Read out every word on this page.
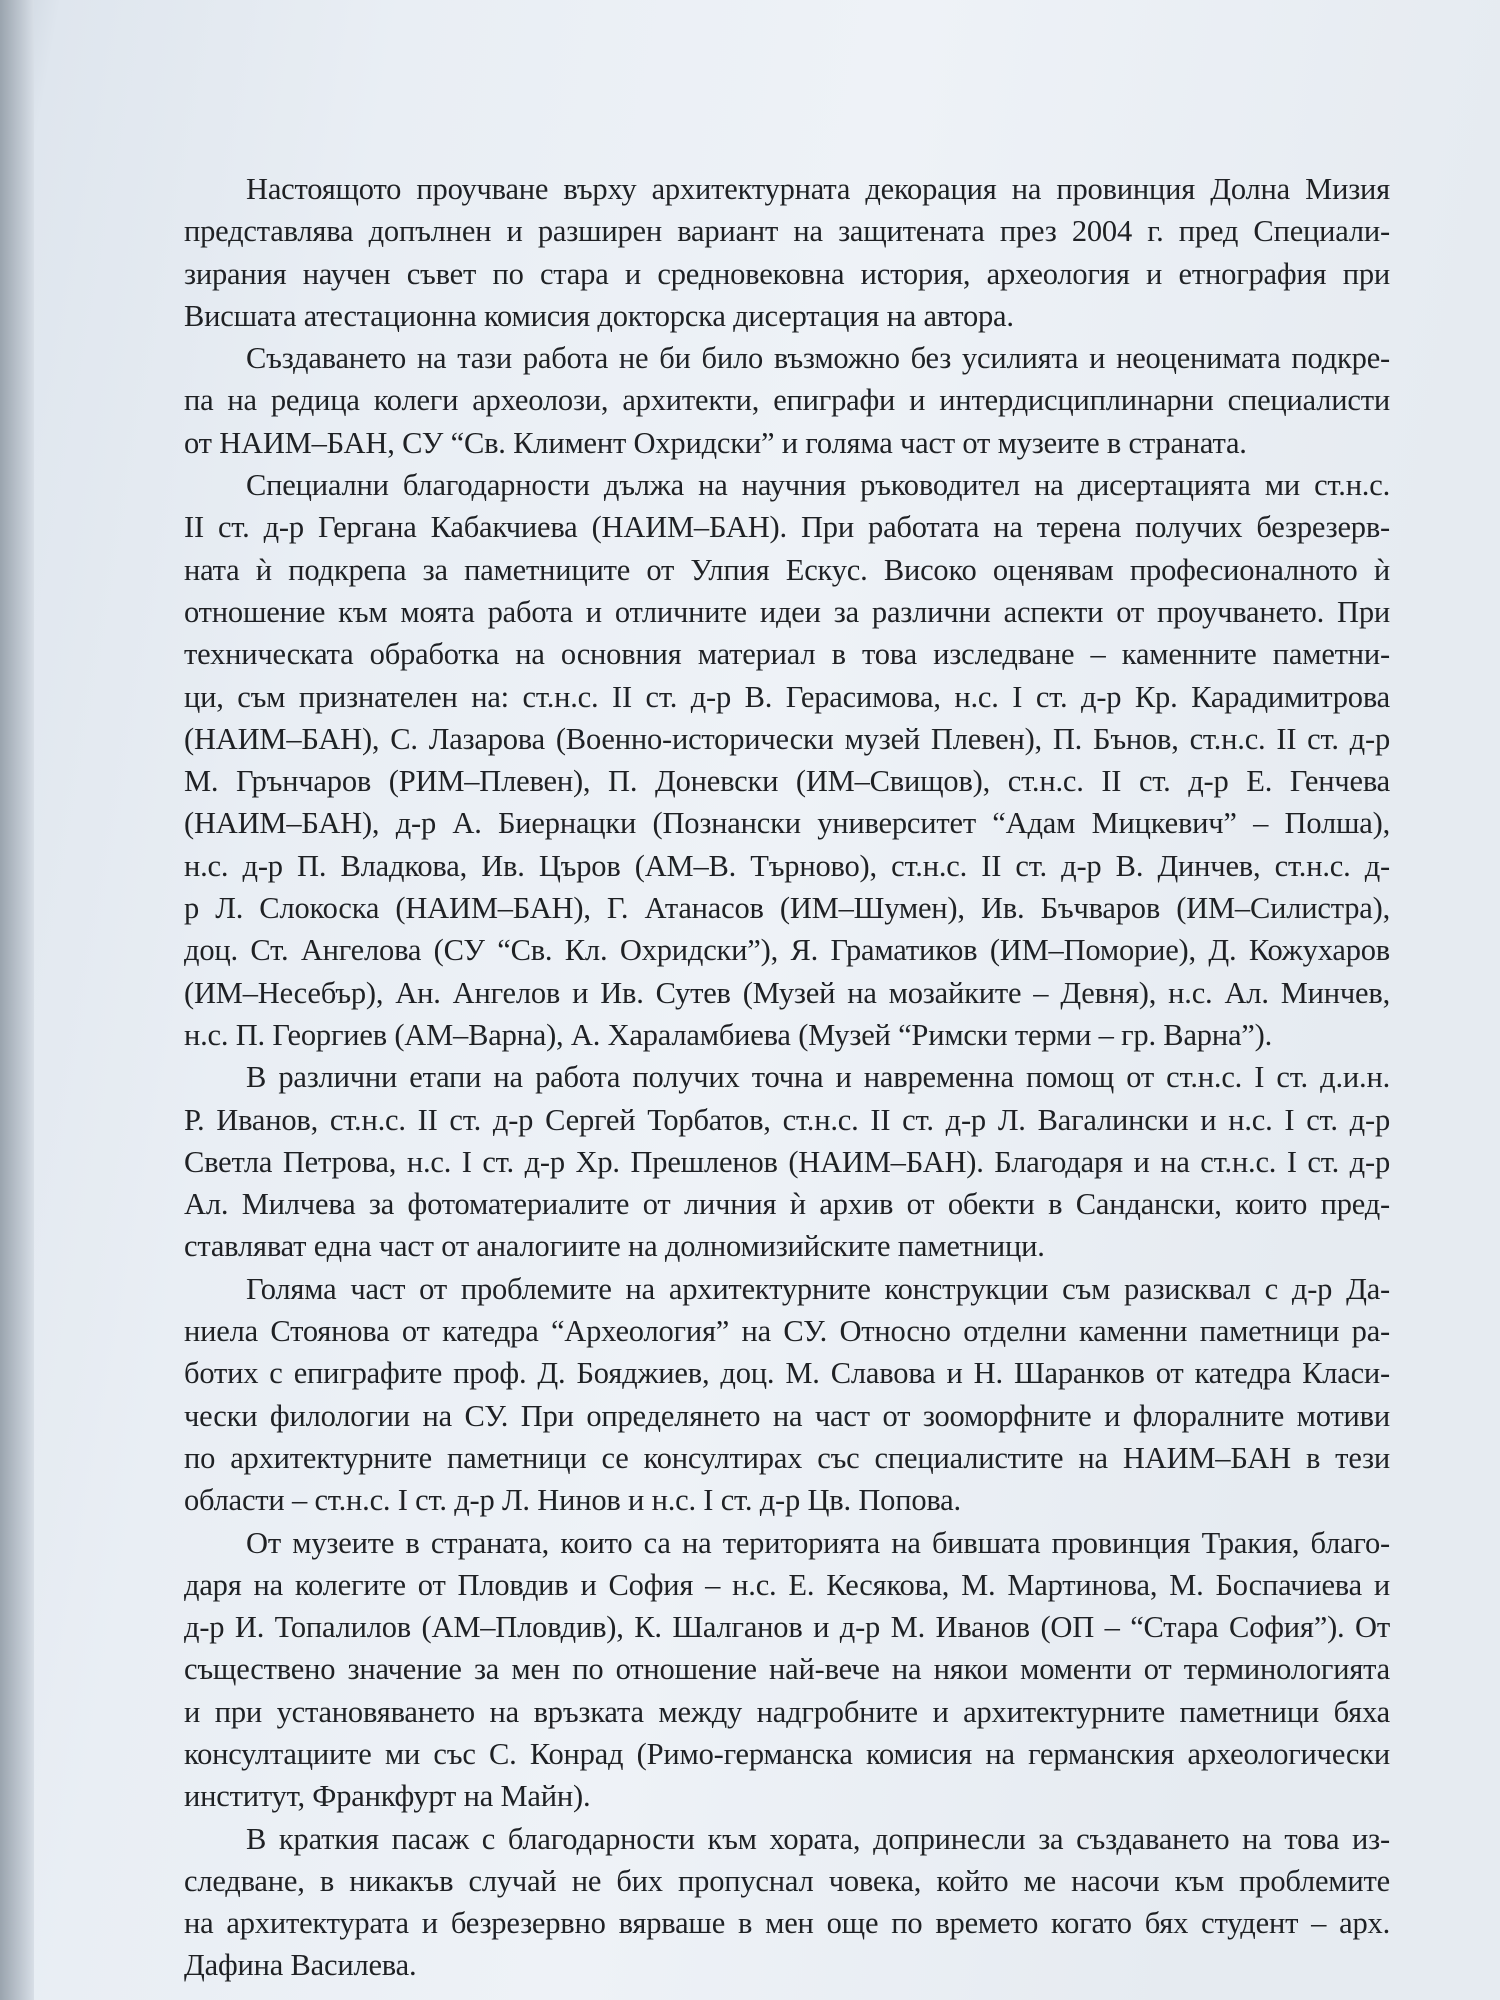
Настоящото проучване върху архитектурната декорация на провинция Долна Мизия
представлява допълнен и разширен вариант на защитената през 2004 г. пред Специали-
зирания научен съвет по стара и средновековна история, археология и етнография при
Висшата атестационна комисия докторска дисертация на автора.
Създаването на тази работа не би било възможно без усилията и неоценимата подкре-
па на редица колеги археолози, архитекти, епиграфи и интердисциплинарни специалисти
от НАИМ–БАН, СУ “Св. Климент Охридски” и голяма част от музеите в страната.
Специални благодарности дължа на научния ръководител на дисертацията ми ст.н.с.
II ст. д-р Гергана Кабакчиева (НАИМ–БАН). При работата на терена получих безрезерв-
ната ѝ подкрепа за паметниците от Улпия Ескус. Високо оценявам професионалното ѝ
отношение към моята работа и отличните идеи за различни аспекти от проучването. При
техническата обработка на основния материал в това изследване – каменните паметни-
ци, съм признателен на: ст.н.с. II ст. д-р В. Герасимова, н.с. I ст. д-р Кр. Карадимитрова
(НАИМ–БАН), С. Лазарова (Военно-исторически музей Плевен), П. Бънов, ст.н.с. II ст. д-р
М. Грънчаров (РИМ–Плевен), П. Доневски (ИМ–Свищов), ст.н.с. II ст. д-р Е. Генчева
(НАИМ–БАН), д-р А. Биернацки (Познански университет “Адам Мицкевич” – Полша),
н.с. д-р П. Владкова, Ив. Църов (АМ–В. Търново), ст.н.с. II ст. д-р В. Динчев, ст.н.с. д-
р Л. Слокоска (НАИМ–БАН), Г. Атанасов (ИМ–Шумен), Ив. Бъчваров (ИМ–Силистра),
доц. Ст. Ангелова (СУ “Св. Кл. Охридски”), Я. Граматиков (ИМ–Поморие), Д. Кожухаров
(ИМ–Несебър), Ан. Ангелов и Ив. Сутев (Музей на мозайките – Девня), н.с. Ал. Минчев,
н.с. П. Георгиев (АМ–Варна), А. Хараламбиева (Музей “Римски терми – гр. Варна”).
В различни етапи на работа получих точна и навременна помощ от ст.н.с. I ст. д.и.н.
Р. Иванов, ст.н.с. II ст. д-р Сергей Торбатов, ст.н.с. II ст. д-р Л. Вагалински и н.с. I ст. д-р
Светла Петрова, н.с. I ст. д-р Хр. Прешленов (НАИМ–БАН). Благодаря и на ст.н.с. I ст. д-р
Ал. Милчева за фотоматериалите от личния ѝ архив от обекти в Сандански, които пред-
ставляват една част от аналогиите на долномизийските паметници.
Голяма част от проблемите на архитектурните конструкции съм разисквал с д-р Да-
ниела Стоянова от катедра “Археология” на СУ. Относно отделни каменни паметници ра-
ботих с епиграфите проф. Д. Бояджиев, доц. М. Славова и Н. Шаранков от катедра Класи-
чески филологии на СУ. При определянето на част от зооморфните и флоралните мотиви
по архитектурните паметници се консултирах със специалистите на НАИМ–БАН в тези
области – ст.н.с. I ст. д-р Л. Нинов и н.с. I ст. д-р Цв. Попова.
От музеите в страната, които са на територията на бившата провинция Тракия, благо-
даря на колегите от Пловдив и София – н.с. Е. Кесякова, М. Мартинова, М. Боспачиева и
д-р И. Топалилов (АМ–Пловдив), К. Шалганов и д-р М. Иванов (ОП – “Стара София”). От
съществено значение за мен по отношение най-вече на някои моменти от терминологията
и при установяването на връзката между надгробните и архитектурните паметници бяха
консултациите ми със С. Конрад (Римо-германска комисия на германския археологически
институт, Франкфурт на Майн).
В краткия пасаж с благодарности към хората, допринесли за създаването на това из-
следване, в никакъв случай не бих пропуснал човека, който ме насочи към проблемите
на архитектурата и безрезервно вярваше в мен още по времето когато бях студент – арх.
Дафина Василева.
